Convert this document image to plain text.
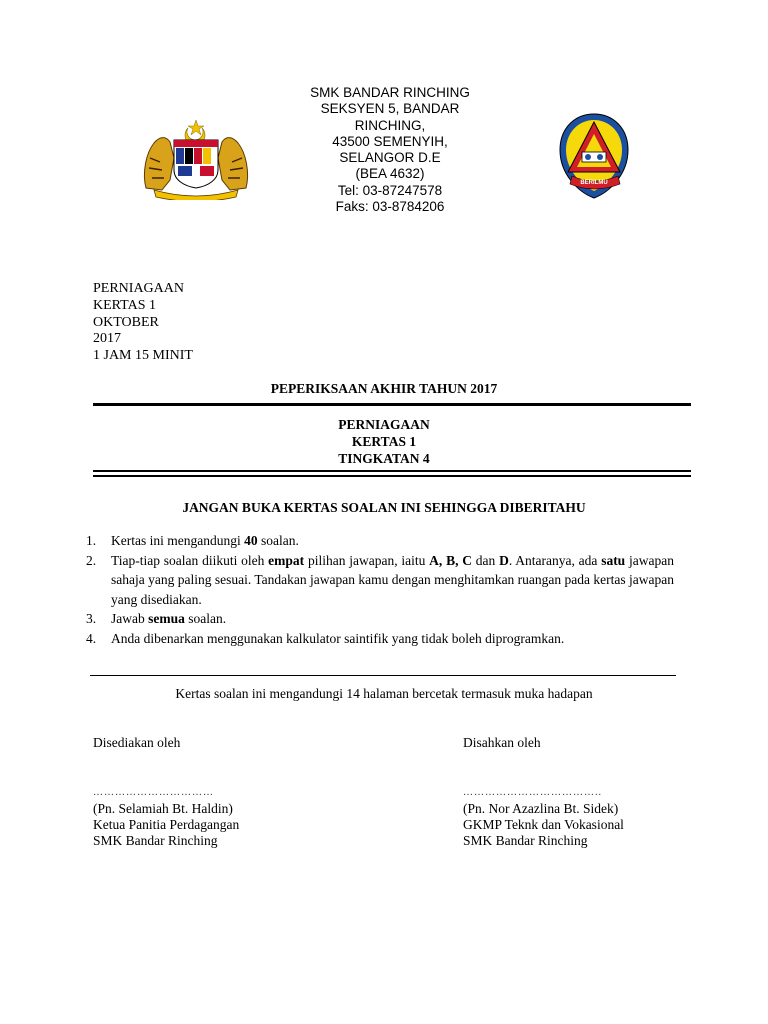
SMK BANDAR RINCHING
SEKSYEN 5, BANDAR
RINCHING,
43500 SEMENYIH,
SELANGOR D.E
(BEA 4632)
Tel: 03-87247578
Faks: 03-8784206
BERILMU
PERNIAGAAN
KERTAS 1
OKTOBER
2017
1 JAM 15 MINIT
PEPERIKSAAN AKHIR TAHUN 2017
PERNIAGAAN
KERTAS 1
TINGKATAN 4
JANGAN BUKA KERTAS SOALAN INI SEHINGGA DIBERITAHU
1.	Kertas ini mengandungi 40 soalan.
2.	Tiap-tiap soalan diikuti oleh empat pilihan jawapan, iaitu A, B, C dan D. Antaranya, ada satu jawapan sahaja yang paling sesuai. Tandakan jawapan kamu dengan menghitamkan ruangan pada kertas jawapan yang disediakan.
3.	Jawab semua soalan.
4.	Anda dibenarkan menggunakan kalkulator saintifik yang tidak boleh diprogramkan.
Kertas soalan ini mengandungi 14 halaman bercetak termasuk muka hadapan
Disediakan oleh
……………………………
(Pn. Selamiah Bt. Haldin)
Ketua Panitia Perdagangan
SMK Bandar Rinching
Disahkan oleh
………………………………..
(Pn. Nor Azazlina Bt. Sidek)
GKMP Teknk dan Vokasional
SMK Bandar Rinching
